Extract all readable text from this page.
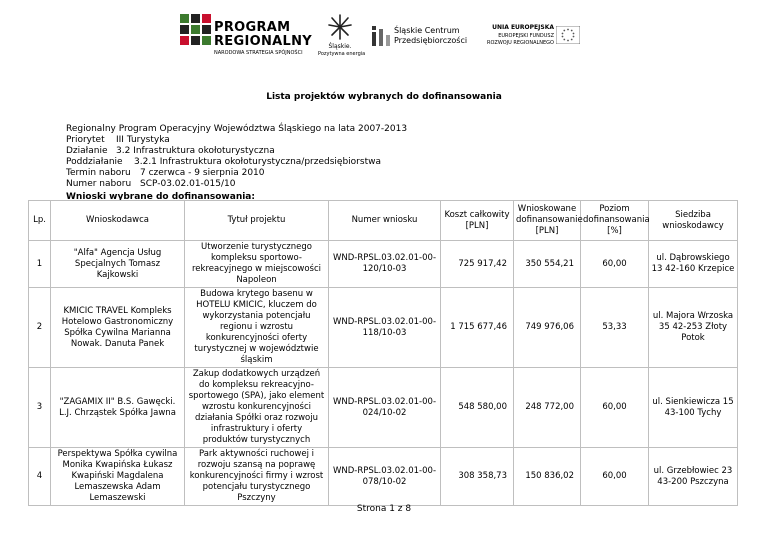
PROGRAM
REGIONALNY
NARODOWA STRATEGIA SPÓJNOŚCI
Śląskie.
Pozytywna energia
Śląskie Centrum
Przedsiębiorczości
UNIA EUROPEJSKA
EUROPEJSKI FUNDUSZ
ROZWOJU REGIONALNEGO
Lista projektów wybranych do dofinansowania
Regionalny Program Operacyjny Województwa Śląskiego na lata 2007-2013
Priorytet III Turystyka
Działanie 3.2 Infrastruktura okołoturystyczna
Poddziałanie 3.2.1 Infrastruktura okołoturystyczna/przedsiębiorstwa
Termin naboru 7 czerwca - 9 sierpnia 2010
Numer naboru SCP-03.02.01-015/10
Wnioski wybrane do dofinansowania:
Lp.	Wnioskodawca	Tytuł projektu	Numer wniosku	Koszt całkowity [PLN]	Wnioskowane dofinansowanie [PLN]	Poziom dofinansowania [%]	Siedziba wnioskodawcy
1	"Alfa" Agencja Usług Specjalnych Tomasz Kajkowski	Utworzenie turystycznego kompleksu sportowo-rekreacyjnego w miejscowości Napoleon	WND-RPSL.03.02.01-00-120/10-03	725 917,42	350 554,21	60,00	ul. Dąbrowskiego 13 42-160 Krzepice
2	KMICIC TRAVEL Kompleks Hotelowo Gastronomiczny Spółka Cywilna Marianna Nowak. Danuta Panek	Budowa krytego basenu w HOTELU KMICIC, kluczem do wykorzystania potencjału regionu i wzrostu konkurencyjności oferty turystycznej w województwie śląskim	WND-RPSL.03.02.01-00-118/10-03	1 715 677,46	749 976,06	53,33	ul. Majora Wrzoska 35 42-253 Złoty Potok
3	"ZAGAMIX II" B.S. Gawęcki. L.J. Chrząstek Spółka Jawna	Zakup dodatkowych urządzeń do kompleksu rekreacyjno-sportowego (SPA), jako element wzrostu konkurencyjności działania Spółki oraz rozwoju infrastruktury i oferty produktów turystycznych	WND-RPSL.03.02.01-00-024/10-02	548 580,00	248 772,00	60,00	ul. Sienkiewicza 15 43-100 Tychy
4	Perspektywa Spółka cywilna Monika Kwapińska Łukasz Kwapiński Magdalena Lemaszewska Adam Lemaszewski	Park aktywności ruchowej i rozwoju szansą na poprawę konkurencyjności firmy i wzrost potencjału turystycznego Pszczyny	WND-RPSL.03.02.01-00-078/10-02	308 358,73	150 836,02	60,00	ul. Grzebłowiec 23 43-200 Pszczyna
Strona 1 z 8
